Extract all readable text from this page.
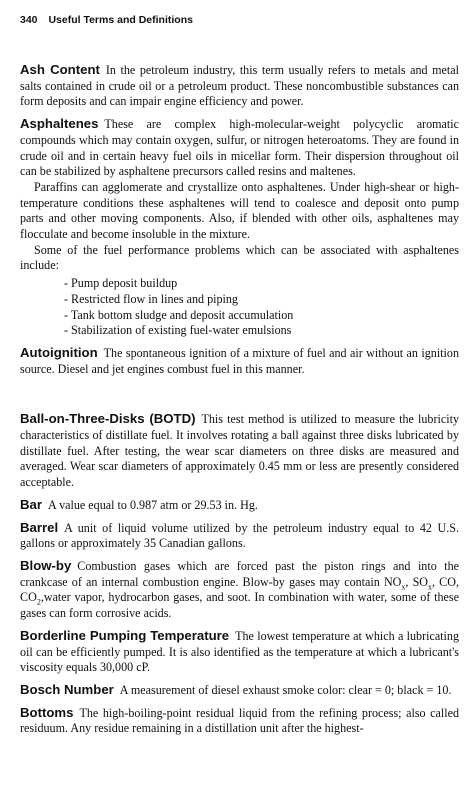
340 Useful Terms and Definitions

Ash Content In the petroleum industry, this term usually refers to metals and metal salts contained in crude oil or a petroleum product. These noncombustible substances can form deposits and can impair engine efficiency and power.

Asphaltenes These are complex high-molecular-weight polycyclic aromatic compounds which may contain oxygen, sulfur, or nitrogen heteroatoms. They are found in crude oil and in certain heavy fuel oils in micellar form. Their dispersion throughout oil can be stabilized by asphaltene precursors called resins and maltenes.

Paraffins can agglomerate and crystallize onto asphaltenes. Under high-shear or high-temperature conditions these asphaltenes will tend to coalesce and deposit onto pump parts and other moving components. Also, if blended with other oils, asphaltenes may flocculate and become insoluble in the mixture.

Some of the fuel performance problems which can be associated with asphaltenes include:

- Pump deposit buildup
- Restricted flow in lines and piping
- Tank bottom sludge and deposit accumulation
- Stabilization of existing fuel-water emulsions

Autoignition The spontaneous ignition of a mixture of fuel and air without an ignition source. Diesel and jet engines combust fuel in this manner.

Ball-on-Three-Disks (BOTD) This test method is utilized to measure the lubricity characteristics of distillate fuel. It involves rotating a ball against three disks lubricated by distillate fuel. After testing, the wear scar diameters on three disks are measured and averaged. Wear scar diameters of approximately 0.45 mm or less are presently considered acceptable.

Bar A value equal to 0.987 atm or 29.53 in. Hg.

Barrel A unit of liquid volume utilized by the petroleum industry equal to 42 U.S. gallons or approximately 35 Canadian gallons.

Blow-by Combustion gases which are forced past the piston rings and into the crankcase of an internal combustion engine. Blow-by gases may contain $NO_x$, $SO_x$, CO, $CO_2,water$ vapor, hydrocarbon gases, and soot. In combination with water, some of these gases can form corrosive acids.

Borderline Pumping Temperature The lowest temperature at which a lubricating oil can be efficiently pumped. It is also identified as the temperature at which a lubricant's viscosity equals 30,000 cP.

Bosch Number A measurement of diesel exhaust smoke color: clear = 0; black = 10.

Bottoms The high-boiling-point residual liquid from the refining process; also called residuum. Any residue remaining in a distillation unit after the highest-
